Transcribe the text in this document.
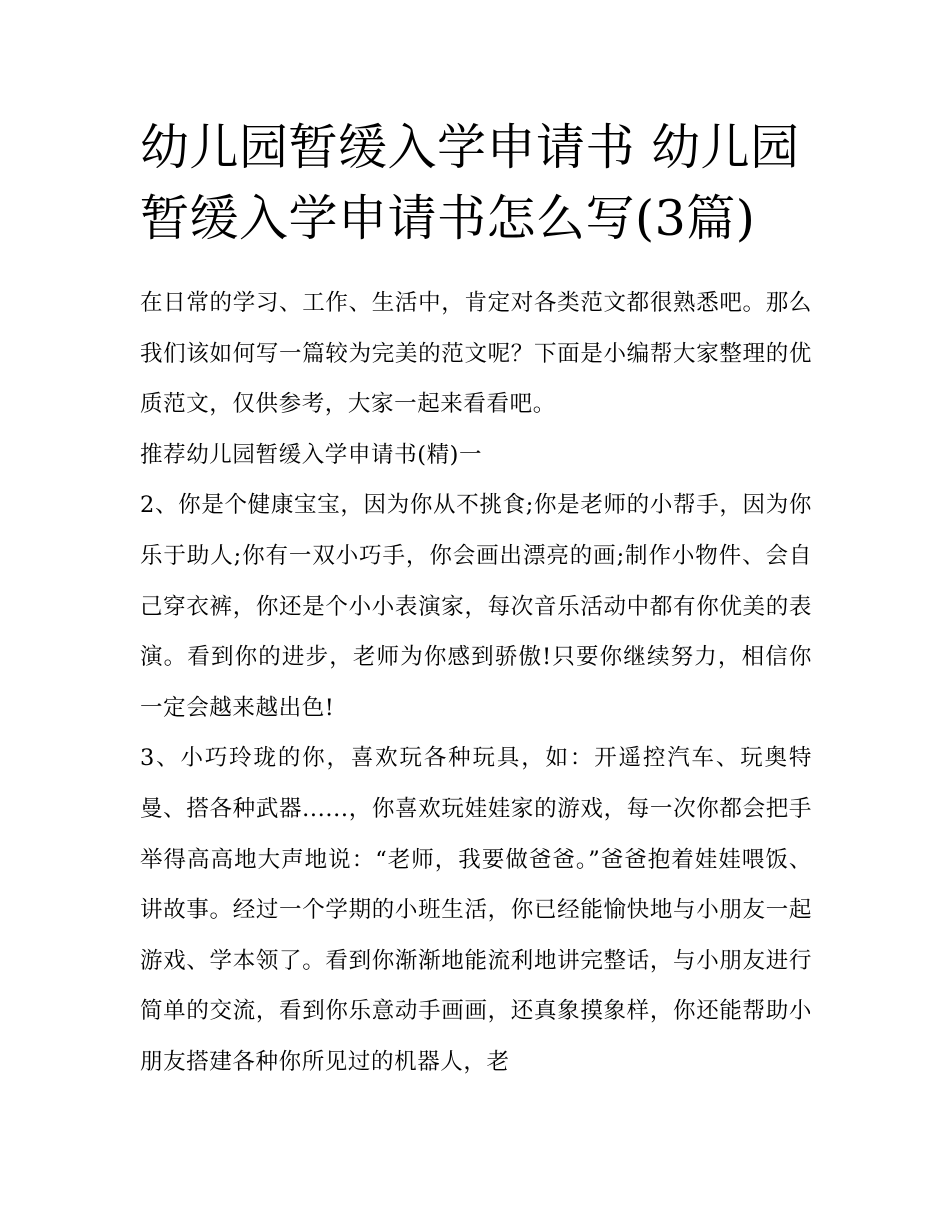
幼儿园暂缓入学申请书 幼儿园暂缓入学申请书怎么写(3篇)

在日常的学习、工作、生活中，肯定对各类范文都很熟悉吧。那么我们该如何写一篇较为完美的范文呢？下面是小编帮大家整理的优质范文，仅供参考，大家一起来看看吧。

推荐幼儿园暂缓入学申请书(精)一

2、你是个健康宝宝，因为你从不挑食;你是老师的小帮手，因为你乐于助人;你有一双小巧手，你会画出漂亮的画;制作小物件、会自己穿衣裤，你还是个小小表演家，每次音乐活动中都有你优美的表演。看到你的进步，老师为你感到骄傲!只要你继续努力，相信你一定会越来越出色!

3、小巧玲珑的你，喜欢玩各种玩具，如：开遥控汽车、玩奥特曼、搭各种武器......，你喜欢玩娃娃家的游戏，每一次你都会把手举得高高地大声地说：“老师，我要做爸爸。”爸爸抱着娃娃喂饭、讲故事。经过一个学期的小班生活，你已经能愉快地与小朋友一起游戏、学本领了。看到你渐渐地能流利地讲完整话，与小朋友进行简单的交流，看到你乐意动手画画，还真象摸象样，你还能帮助小朋友搭建各种你所见过的机器人，老
